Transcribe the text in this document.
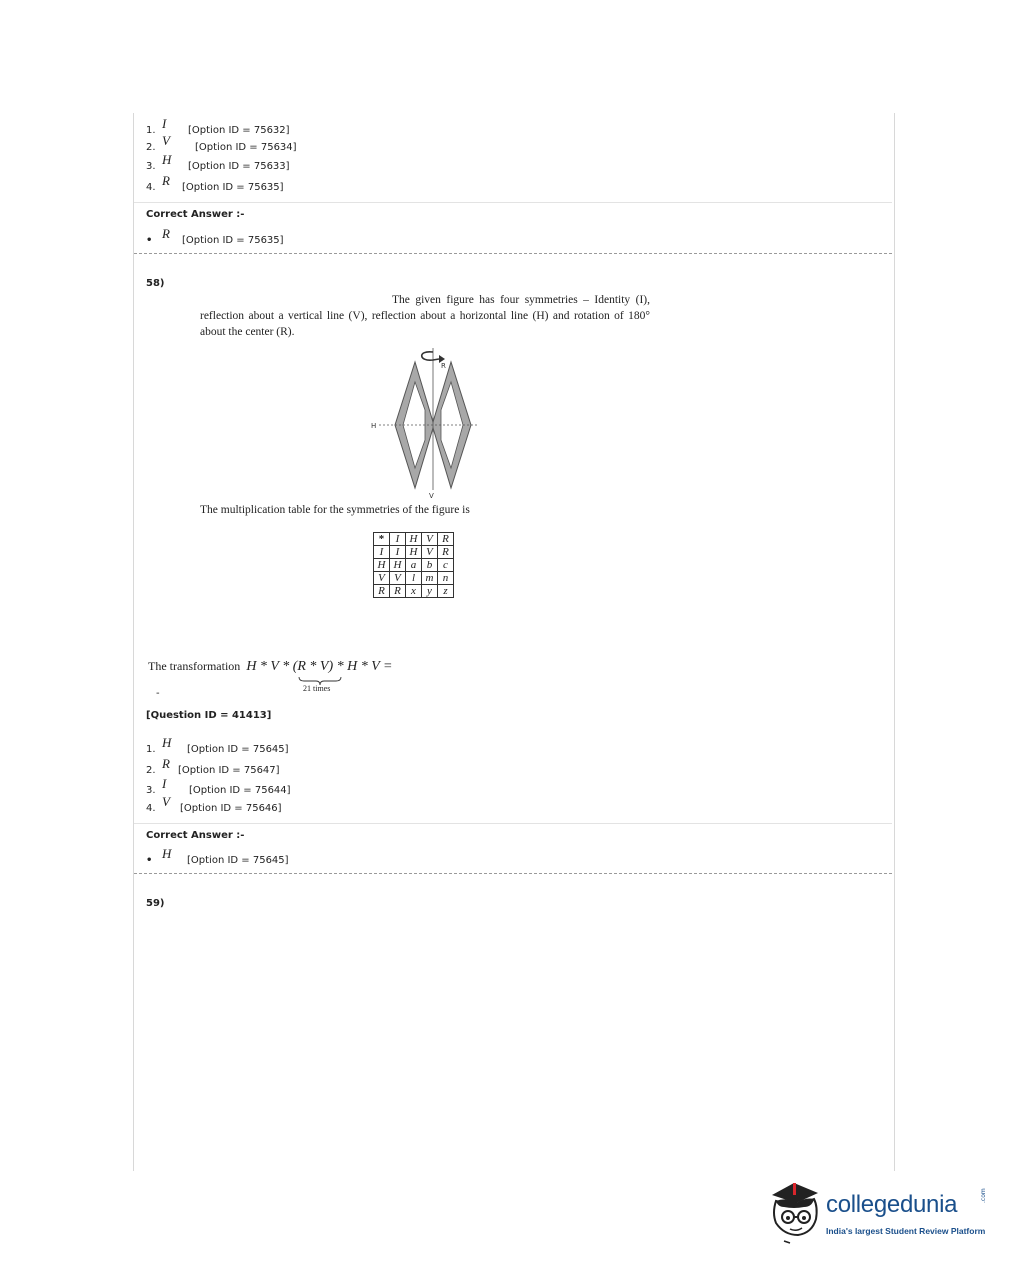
1. I	[Option ID = 75632]
2. V	[Option ID = 75634]
3. H	[Option ID = 75633]
4. R	[Option ID = 75635]
Correct Answer :-
• R	[Option ID = 75635]
58)
The given figure has four symmetries – Identity (I), reflection about a vertical line (V), reflection about a horizontal line (H) and rotation of 180° about the center (R).
R
H
V
The multiplication table for the symmetries of the figure is
*	I	H	V	R
I	I	H	V	R
H	H	a	b	c
V	V	l	m	n
R	R	x	y	z
The transformation H * V * (R * V) * H * V =
21 times
-
[Question ID = 41413]
1. H	[Option ID = 75645]
2. R [Option ID = 75647]
3. I	[Option ID = 75644]
4. V	[Option ID = 75646]
Correct Answer :-
• H	[Option ID = 75645]
59)
collegedunia	.com
India's largest Student Review Platform
